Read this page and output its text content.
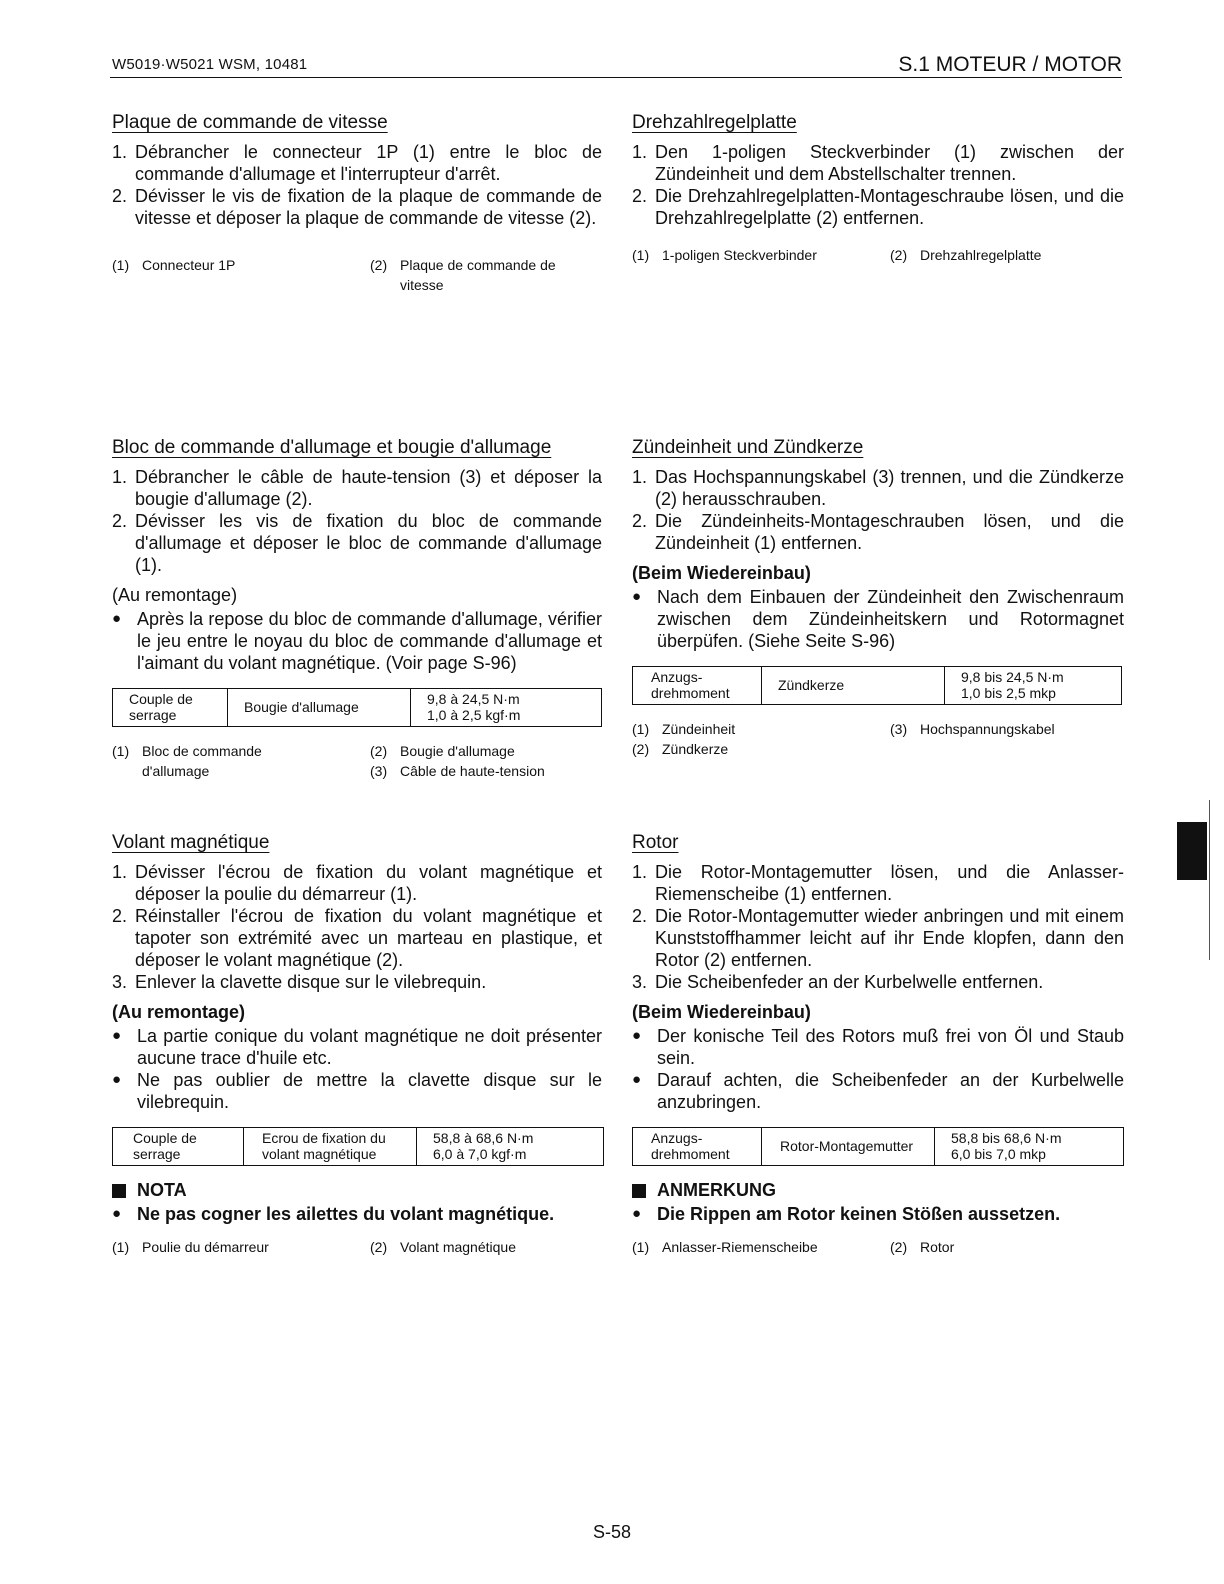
W5019·W5021 WSM, 10481	S.1 MOTEUR / MOTOR
Plaque de commande de vitesse
1. Débrancher le connecteur 1P (1) entre le bloc de commande d'allumage et l'interrupteur d'arrêt.
2. Dévisser le vis de fixation de la plaque de commande de vitesse et déposer la plaque de commande de vitesse (2).
(1) Connecteur 1P	(2) Plaque de commande de vitesse
Drehzahlregelplatte
1. Den 1-poligen Steckverbinder (1) zwischen der Zündeinheit und dem Abstellschalter trennen.
2. Die Drehzahlregelplatten-Montageschraube lösen, und die Drehzahlregelplatte (2) entfernen.
(1) 1-poligen Steckverbinder	(2) Drehzahlregelplatte
Bloc de commande d'allumage et bougie d'allumage
1. Débrancher le câble de haute-tension (3) et déposer la bougie d'allumage (2).
2. Dévisser les vis de fixation du bloc de commande d'allumage et déposer le bloc de commande d'allumage (1).
(Au remontage)
● Après la repose du bloc de commande d'allumage, vérifier le jeu entre le noyau du bloc de commande d'allumage et l'aimant du volant magnétique. (Voir page S-96)
Couple de serrage	Bougie d'allumage	9,8 à 24,5 N·m
1,0 à 2,5 kgf·m
(1) Bloc de commande d'allumage
(2) Bougie d'allumage
(3) Câble de haute-tension
Zündeinheit und Zündkerze
1. Das Hochspannungskabel (3) trennen, und die Zündkerze (2) herausschrauben.
2. Die Zündeinheits-Montageschrauben lösen, und die Zündeinheit (1) entfernen.
(Beim Wiedereinbau)
● Nach dem Einbauen der Zündeinheit den Zwischenraum zwischen dem Zündeinheitskern und Rotormagnet überpüfen. (Siehe Seite S-96)
Anzugs-drehmoment	Zündkerze	9,8 bis 24,5 N·m
1,0 bis 2,5 mkp
(1) Zündeinheit
(2) Zündkerze
(3) Hochspannungskabel
Volant magnétique
1. Dévisser l'écrou de fixation du volant magnétique et déposer la poulie du démarreur (1).
2. Réinstaller l'écrou de fixation du volant magnétique et tapoter son extrémité avec un marteau en plastique, et déposer le volant magnétique (2).
3. Enlever la clavette disque sur le vilebrequin.
(Au remontage)
● La partie conique du volant magnétique ne doit présenter aucune trace d'huile etc.
● Ne pas oublier de mettre la clavette disque sur le vilebrequin.
Couple de serrage	Ecrou de fixation du volant magnétique	
58,8 à 68,6 N·m
6,0 à 7,0 kgf·m
NOTA
● Ne pas cogner les ailettes du volant magnétique.
(1) Poulie du démarreur	(2) Volant magnétique
Rotor
1. Die Rotor-Montagemutter lösen, und die Anlasser-Riemenscheibe (1) entfernen.
2. Die Rotor-Montagemutter wieder anbringen und mit einem Kunststoffhammer leicht auf ihr Ende klopfen, dann den Rotor (2) entfernen.
3. Die Scheibenfeder an der Kurbelwelle entfernen.
(Beim Wiedereinbau)
● Der konische Teil des Rotors muß frei von Öl und Staub sein.
● Darauf achten, die Scheibenfeder an der Kurbelwelle anzubringen.
Anzugs-drehmoment	Rotor-Montagemutter	58,8 bis 68,6 N·m
6,0 bis 7,0 mkp
ANMERKUNG
● Die Rippen am Rotor keinen Stößen aussetzen.
(1) Anlasser-Riemenscheibe	(2) Rotor
S-58
